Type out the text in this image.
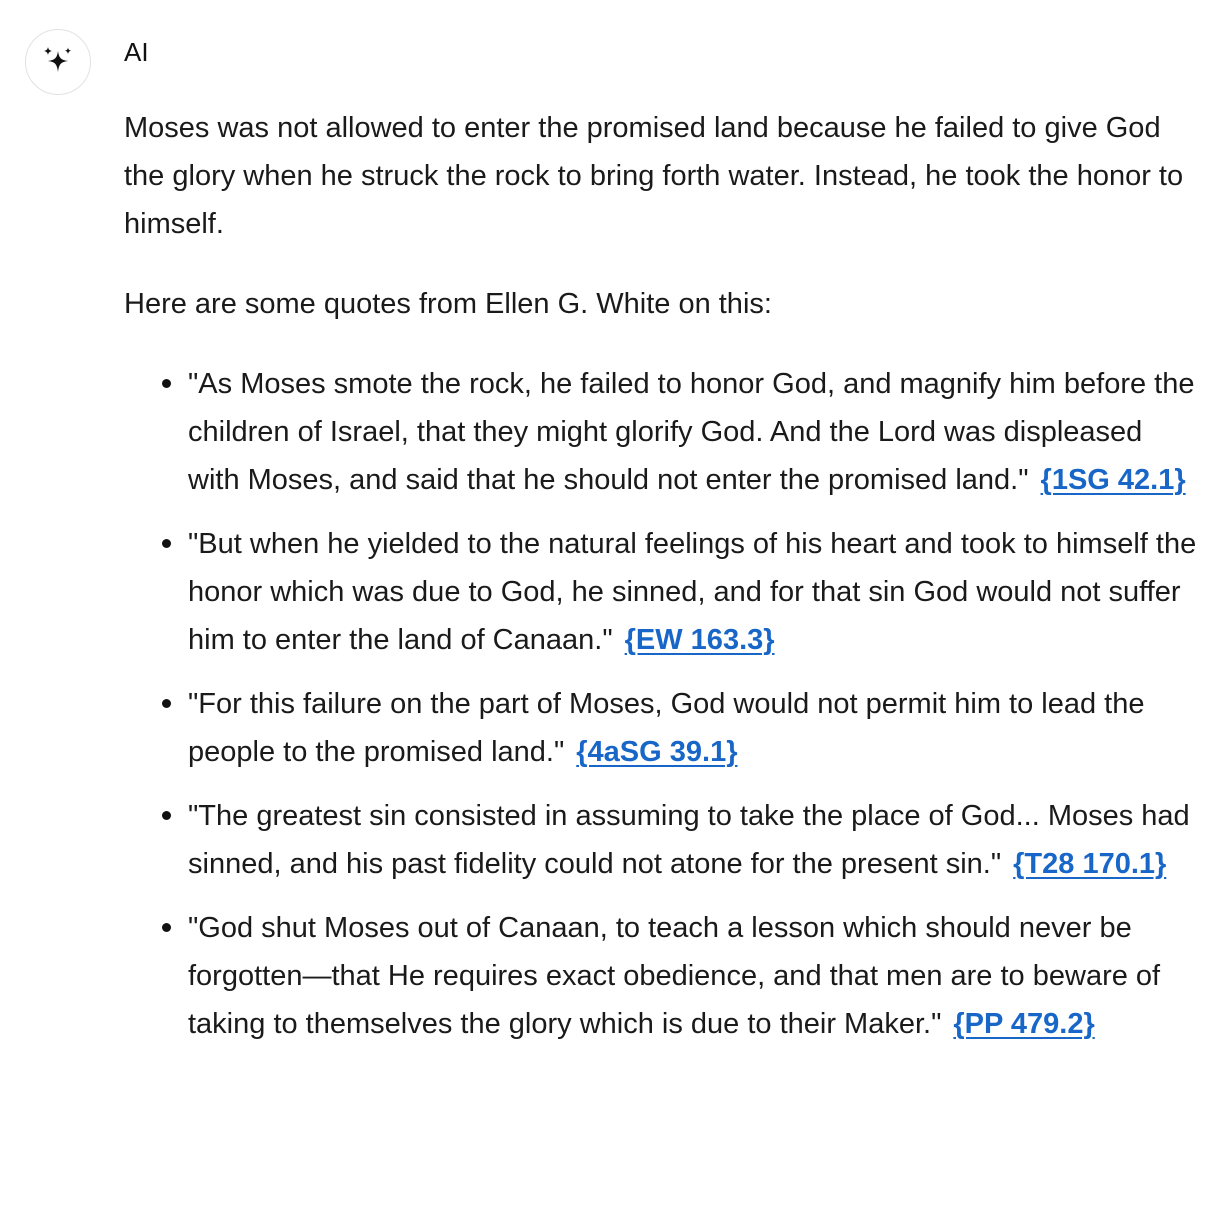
AI

Moses was not allowed to enter the promised land because he failed to give God the glory when he struck the rock to bring forth water. Instead, he took the honor to himself.

Here are some quotes from Ellen G. White on this:

"As Moses smote the rock, he failed to honor God, and magnify him before the children of Israel, that they might glorify God. And the Lord was displeased with Moses, and said that he should not enter the promised land." {1SG 42.1}
"But when he yielded to the natural feelings of his heart and took to himself the honor which was due to God, he sinned, and for that sin God would not suffer him to enter the land of Canaan." {EW 163.3}
"For this failure on the part of Moses, God would not permit him to lead the people to the promised land." {4aSG 39.1}
"The greatest sin consisted in assuming to take the place of God... Moses had sinned, and his past fidelity could not atone for the present sin." {T28 170.1}
"God shut Moses out of Canaan, to teach a lesson which should never be forgotten—that He requires exact obedience, and that men are to beware of taking to themselves the glory which is due to their Maker." {PP 479.2}
